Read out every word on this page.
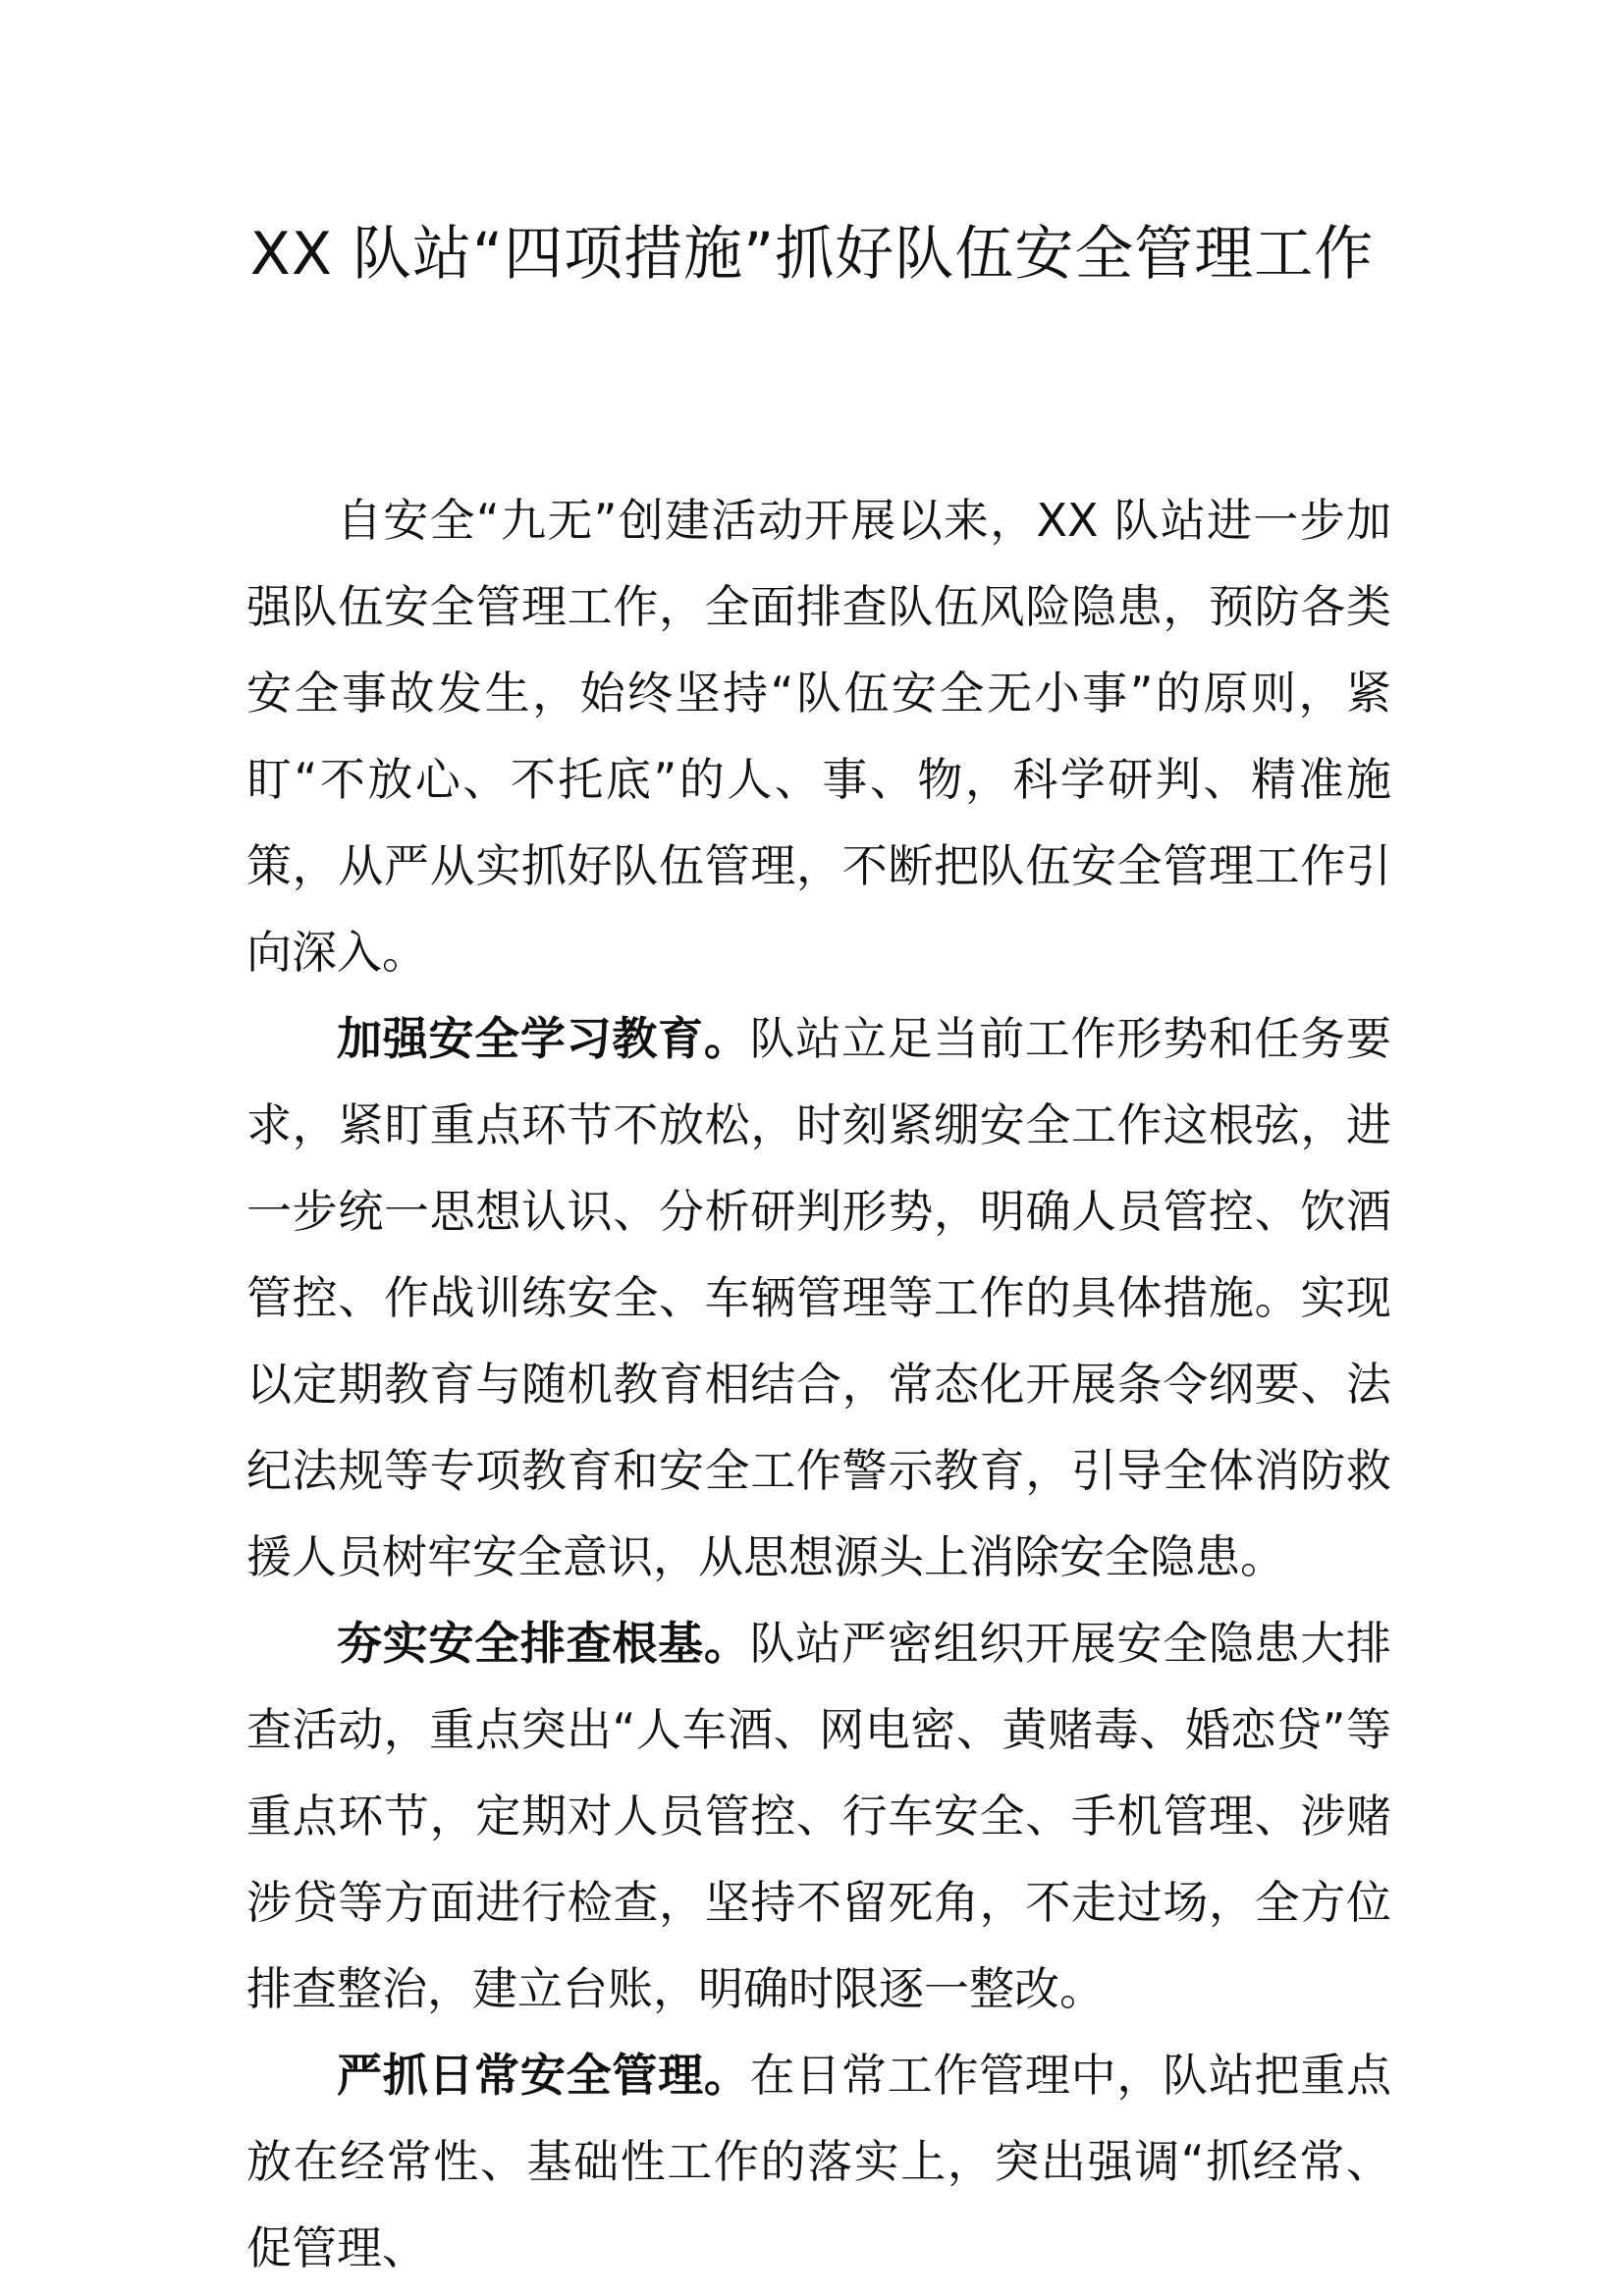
XX 队站“四项措施”抓好队伍安全管理工作

自安全“九无”创建活动开展以来，XX 队站进一步加强队伍安全管理工作，全面排查队伍风险隐患，预防各类安全事故发生，始终坚持“队伍安全无小事”的原则，紧盯“不放心、不托底”的人、事、物，科学研判、精准施策，从严从实抓好队伍管理，不断把队伍安全管理工作引向深入。

加强安全学习教育。队站立足当前工作形势和任务要求，紧盯重点环节不放松，时刻紧绷安全工作这根弦，进一步统一思想认识、分析研判形势，明确人员管控、饮酒管控、作战训练安全、车辆管理等工作的具体措施。实现以定期教育与随机教育相结合，常态化开展条令纲要、法纪法规等专项教育和安全工作警示教育，引导全体消防救援人员树牢安全意识，从思想源头上消除安全隐患。

夯实安全排查根基。队站严密组织开展安全隐患大排查活动，重点突出“人车酒、网电密、黄赌毒、婚恋贷”等重点环节，定期对人员管控、行车安全、手机管理、涉赌涉贷等方面进行检查，坚持不留死角，不走过场，全方位排查整治，建立台账，明确时限逐一整改。

严抓日常安全管理。在日常工作管理中，队站把重点放在经常性、基础性工作的落实上，突出强调“抓经常、促管理、
